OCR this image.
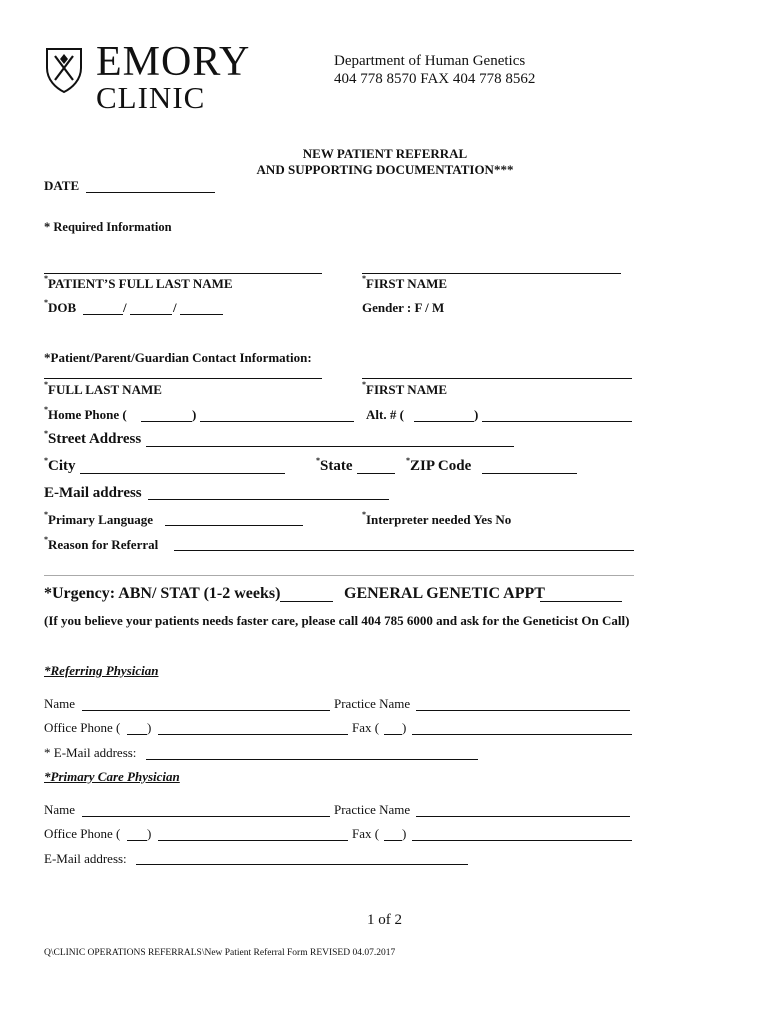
EMORY
CLINIC
Department of Human Genetics
404 778 8570 FAX 404 778 8562
NEW PATIENT REFERRAL
AND SUPPORTING DOCUMENTATION***
DATE
* Required Information
*PATIENT’S FULL LAST NAME	*FIRST NAME
*DOB	/	/	Gender : F / M
*Patient/Parent/Guardian Contact Information:
*FULL LAST NAME	*FIRST NAME
*Home Phone (	)	Alt. # (	)
*Street Address
*City	*State	*ZIP Code
E-Mail address
*Primary Language	*Interpreter needed Yes No
*Reason for Referral
*Urgency: ABN/ STAT (1-2 weeks)	GENERAL GENETIC APPT
(If you believe your patients needs faster care, please call 404 785 6000 and ask for the Geneticist On Call)
*Referring Physician
Name	Practice Name
Office Phone ( )	Fax ( )
* E-Mail address:
*Primary Care Physician
Name	Practice Name
Office Phone ( )	Fax ( )
E-Mail address:
1 of 2
Q\CLINIC OPERATIONS REFERRALS\New Patient Referral Form REVISED 04.07.2017
